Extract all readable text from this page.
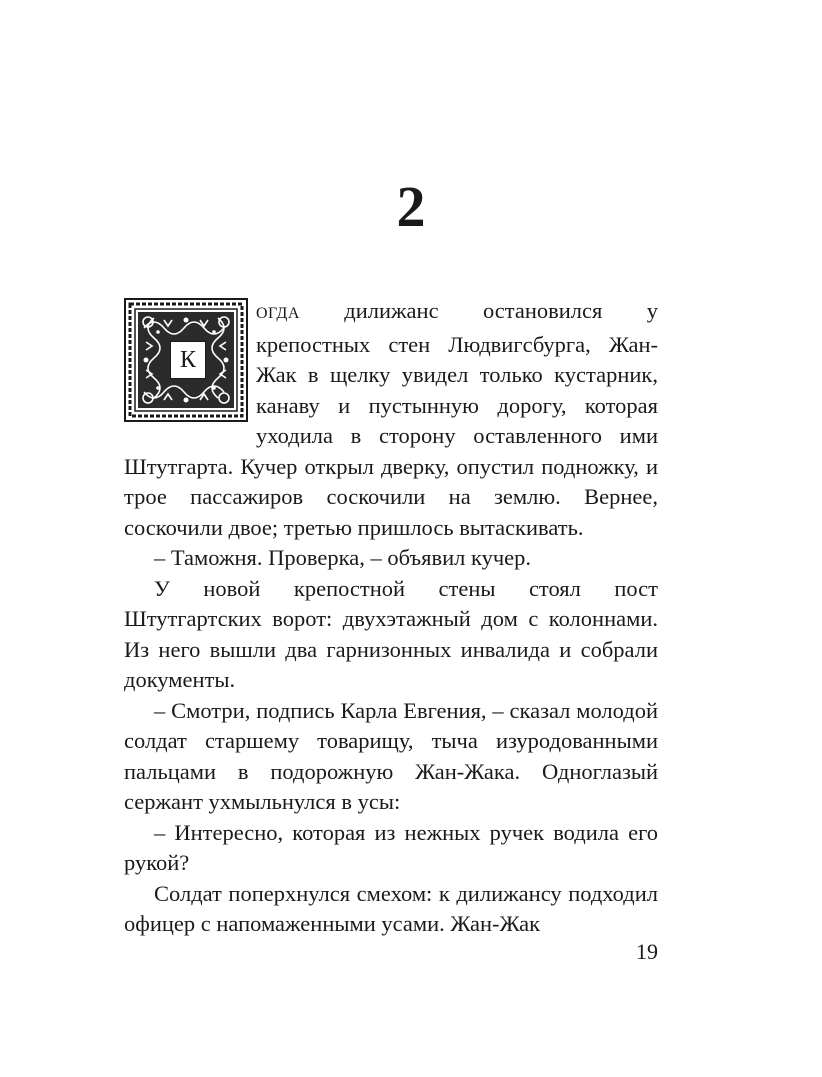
2
К

ОГДА дилижанс остановился у крепостных стен Людвигсбурга, Жан-Жак в щелку увидел только кустарник, канаву и пустынную дорогу, которая уходила в сторону оставленного ими Штутгарта. Кучер открыл дверку, опустил подножку, и трое пассажиров соскочили на землю. Вернее, соскочили двое; третью пришлось вытаскивать.

– Таможня. Проверка, – объявил кучер.

У новой крепостной стены стоял пост Штутгартских ворот: двухэтажный дом с колоннами. Из него вышли два гарнизонных инвалида и собрали документы.

– Смотри, подпись Карла Евгения, – сказал молодой солдат старшему товарищу, тыча изуродованными пальцами в подорожную Жан-Жака. Одноглазый сержант ухмыльнулся в усы:

– Интересно, которая из нежных ручек водила его рукой?

Солдат поперхнулся смехом: к дилижансу подходил офицер с напомаженными усами. Жан-Жак

19
